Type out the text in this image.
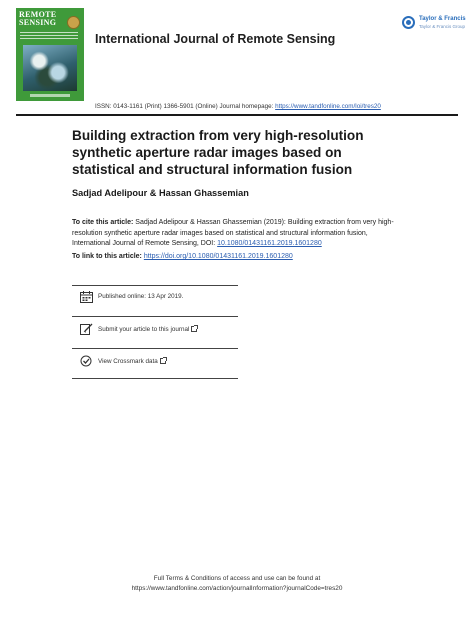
REMOTE
SENSING
International Journal of Remote Sensing
Taylor & Francis
Taylor & Francis Group
ISSN: 0143-1161 (Print) 1366-5901 (Online) Journal homepage: https://www.tandfonline.com/loi/tres20
Building extraction from very high-resolution synthetic aperture radar images based on statistical and structural information fusion
Sadjad Adelipour & Hassan Ghassemian
To cite this article: Sadjad Adelipour & Hassan Ghassemian (2019): Building extraction from very high-resolution synthetic aperture radar images based on statistical and structural information fusion, International Journal of Remote Sensing, DOI: 10.1080/01431161.2019.1601280
To link to this article: https://doi.org/10.1080/01431161.2019.1601280
Published online: 13 Apr 2019.
Submit your article to this journal
View Crossmark data
Full Terms & Conditions of access and use can be found at
https://www.tandfonline.com/action/journalInformation?journalCode=tres20
